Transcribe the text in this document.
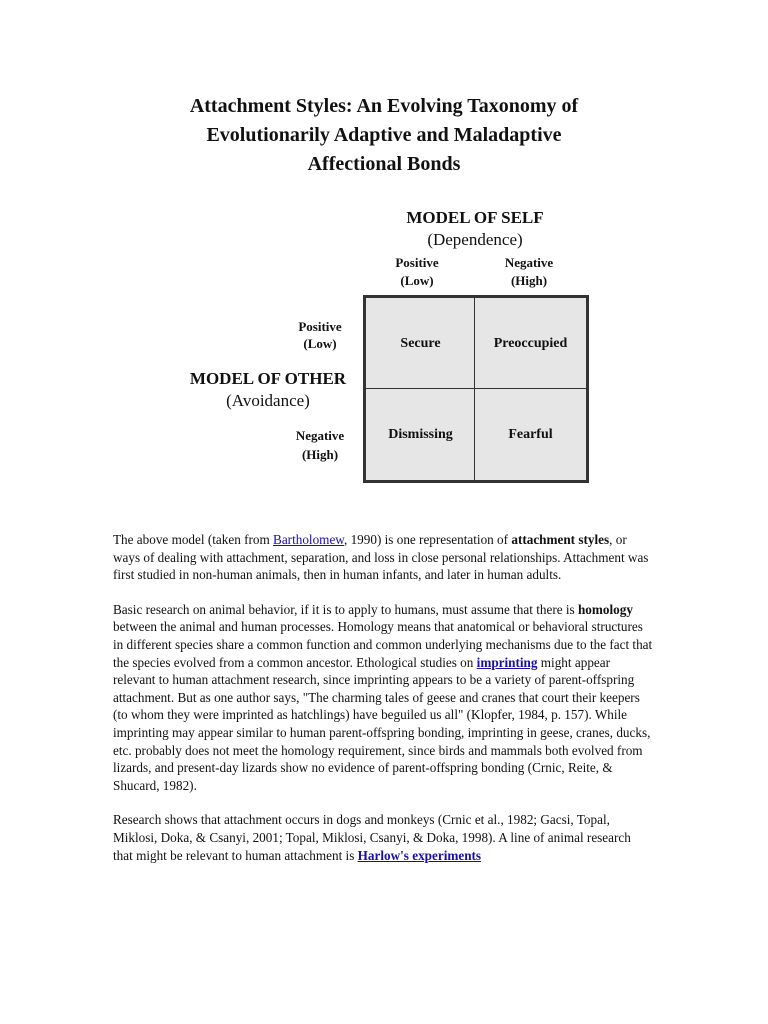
Attachment Styles: An Evolving Taxonomy of
Evolutionarily Adaptive and Maladaptive
Affectional Bonds
MODEL OF SELF
(Dependence)
Positive
(Low)
Negative
(High)
Positive
(Low)
MODEL OF OTHER
(Avoidance)
Negative
(High)
Secure	Preoccupied
Dismissing	Fearful

The above model (taken from Bartholomew, 1990) is one representation of attachment styles, or ways of dealing with attachment, separation, and loss in close personal relationships. Attachment was first studied in non-human animals, then in human infants, and later in human adults.

Basic research on animal behavior, if it is to apply to humans, must assume that there is homology between the animal and human processes. Homology means that anatomical or behavioral structures in different species share a common function and common underlying mechanisms due to the fact that the species evolved from a common ancestor. Ethological studies on imprinting might appear relevant to human attachment research, since imprinting appears to be a variety of parent-offspring attachment. But as one author says, "The charming tales of geese and cranes that court their keepers (to whom they were imprinted as hatchlings) have beguiled us all" (Klopfer, 1984, p. 157). While imprinting may appear similar to human parent-offspring bonding, imprinting in geese, cranes, ducks, etc. probably does not meet the homology requirement, since birds and mammals both evolved from lizards, and present-day lizards show no evidence of parent-offspring bonding (Crnic, Reite, & Shucard, 1982).

Research shows that attachment occurs in dogs and monkeys (Crnic et al., 1982; Gacsi, Topal, Miklosi, Doka, & Csanyi, 2001; Topal, Miklosi, Csanyi, & Doka, 1998). A line of animal research that might be relevant to human attachment is Harlow's experiments
